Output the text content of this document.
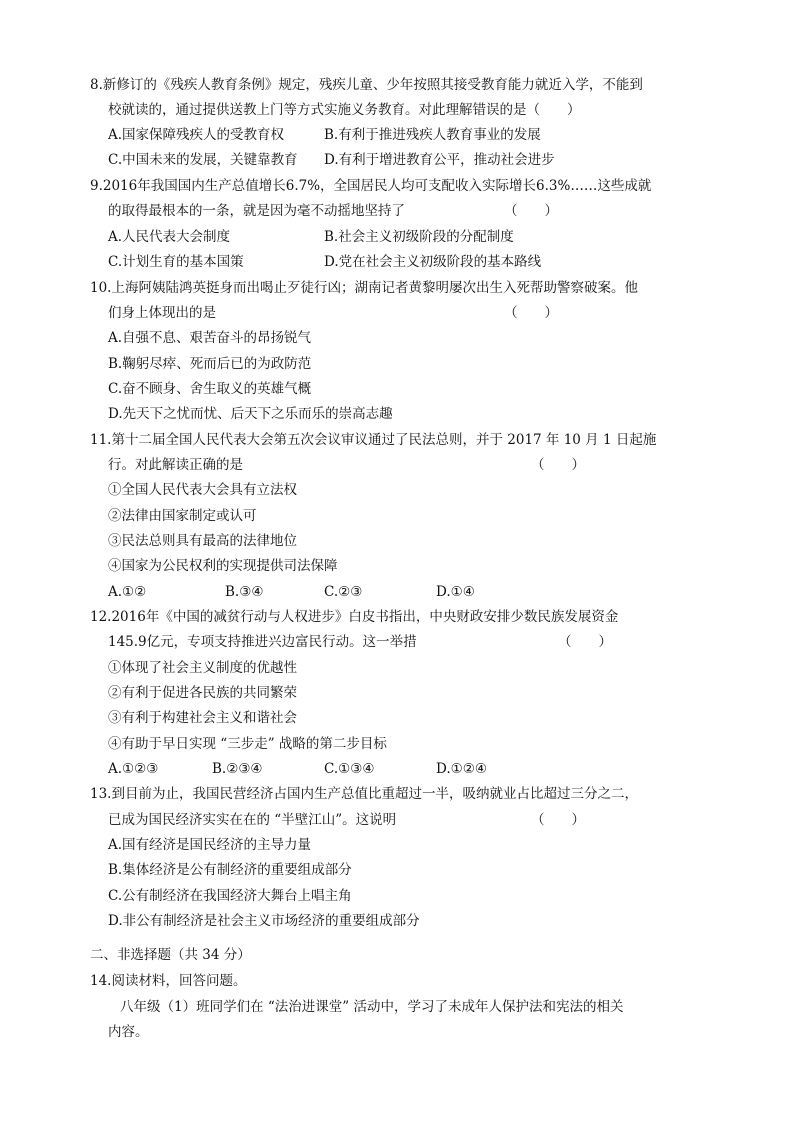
8.新修订的《残疾人教育条例》规定，残疾儿童、少年按照其接受教育能力就近入学，不能到
校就读的，通过提供送教上门等方式实施义务教育。对此理解错误的是（　　）
A.国家保障残疾人的受教育权	B.有利于推进残疾人教育事业的发展
C.中国未来的发展，关键靠教育 D.有利于增进教育公平，推动社会进步
9.2016年我国国内生产总值增长6.7%，全国居民人均可支配收入实际增长6.3%……这些成就
的取得最根本的一条，就是因为毫不动摇地坚持了	（　　）
A.人民代表大会制度	B.社会主义初级阶段的分配制度
C.计划生育的基本国策	D.党在社会主义初级阶段的基本路线
10.上海阿姨陆鸿英挺身而出喝止歹徒行凶；湖南记者黄黎明屡次出生入死帮助警察破案。他
们身上体现出的是	（　　）
A.自强不息、艰苦奋斗的昂扬锐气
B.鞠躬尽瘁、死而后已的为政防范
C.奋不顾身、舍生取义的英雄气概
D.先天下之忧而忧、后天下之乐而乐的崇高志趣
11.第十二届全国人民代表大会第五次会议审议通过了民法总则，并于 2017 年 10 月 1 日起施
行。对此解读正确的是	（　　）
①全国人民代表大会具有立法权
②法律由国家制定或认可
③民法总则具有最高的法律地位
④国家为公民权利的实现提供司法保障
A.①②	B.③④	C.②③	D.①④
12.2016年《中国的减贫行动与人权进步》白皮书指出，中央财政安排少数民族发展资金
145.9亿元，专项支持推进兴边富民行动。这一举措	（　　）
①体现了社会主义制度的优越性
②有利于促进各民族的共同繁荣
③有利于构建社会主义和谐社会
④有助于早日实现 “三步走” 战略的第二步目标
A.①②③	B.②③④	C.①③④	D.①②④
13.到目前为止，我国民营经济占国内生产总值比重超过一半，吸纳就业占比超过三分之二，
已成为国民经济实实在在的 “半壁江山”。这说明	（　　）
A.国有经济是国民经济的主导力量
B.集体经济是公有制经济的重要组成部分
C.公有制经济在我国经济大舞台上唱主角
D.非公有制经济是社会主义市场经济的重要组成部分
二、非选择题（共 34 分）
14.阅读材料，回答问题。
八年级（1）班同学们在 “法治进课堂” 活动中，学习了未成年人保护法和宪法的相关
内容。
